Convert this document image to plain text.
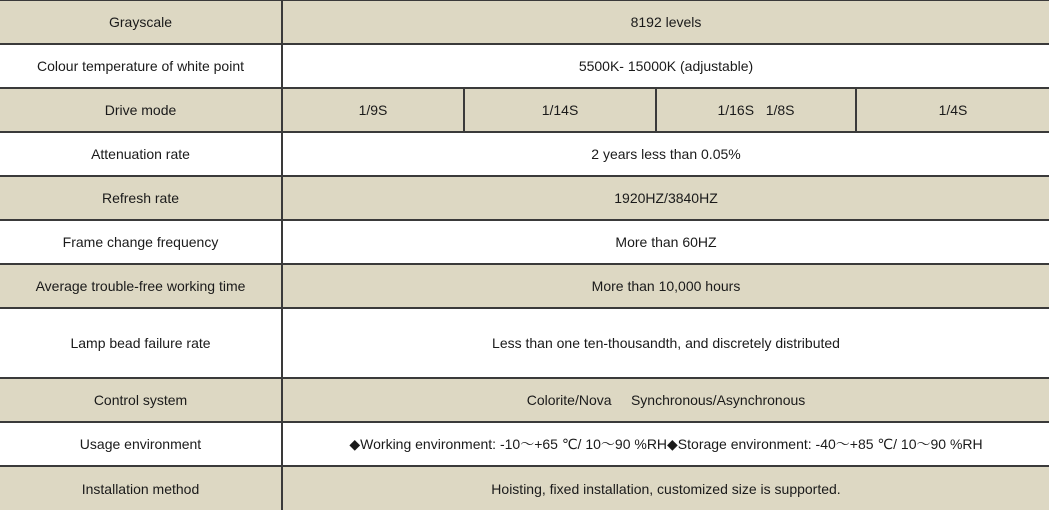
Grayscale	8192 levels			
Colour temperature of white point	5500K- 15000K (adjustable)			
Drive mode	1/9S	1/14S	1/16S   1/8S	1/4S
Attenuation rate	2 years less than 0.05%			
Refresh rate	1920HZ/3840HZ			
Frame change frequency	More than 60HZ			
Average trouble-free working time	More than 10,000 hours			
Lamp bead failure rate	Less than one ten-thousandth, and discretely distributed			
Control system	Colorite/Nova     Synchronous/Asynchronous			
Usage environment	◆Working environment: -10～+65 ℃/ 10～90 %RH◆Storage environment: -40～+85 ℃/ 10～90 %RH			
Installation method	Hoisting, fixed installation, customized size is supported.			
